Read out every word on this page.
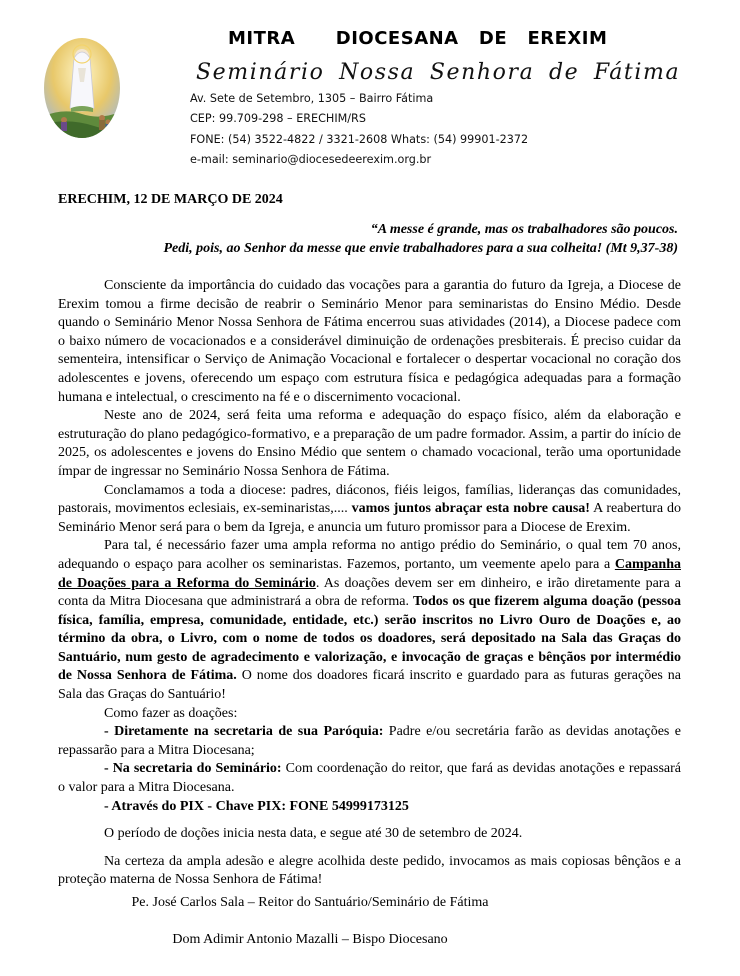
MITRA      DIOCESANA   DE   EREXIM
Seminário Nossa Senhora de Fátima
Av. Sete de Setembro, 1305 – Bairro Fátima
CEP: 99.709-298 – ERECHIM/RS
FONE: (54) 3522-4822 / 3321-2608 Whats: (54) 99901-2372
e-mail: seminario@diocesedeerexim.org.br
ERECHIM, 12 DE MARÇO DE 2024
“A messe é grande, mas os trabalhadores são poucos.
Pedi, pois, ao Senhor da messe que envie trabalhadores para a sua colheita! (Mt 9,37-38)

Consciente da importância do cuidado das vocações para a garantia do futuro da Igreja, a Diocese de Erexim tomou a firme decisão de reabrir o Seminário Menor para seminaristas do Ensino Médio. Desde quando o Seminário Menor Nossa Senhora de Fátima encerrou suas atividades (2014), a Diocese padece com o baixo número de vocacionados e a considerável diminuição de ordenações presbiterais. É preciso cuidar da sementeira, intensificar o Serviço de Animação Vocacional e fortalecer o despertar vocacional no coração dos adolescentes e jovens, oferecendo um espaço com estrutura física e pedagógica adequadas para a formação humana e intelectual, o crescimento na fé e o discernimento vocacional.

Neste ano de 2024, será feita uma reforma e adequação do espaço físico, além da elaboração e estruturação do plano pedagógico-formativo, e a preparação de um padre formador. Assim, a partir do início de 2025, os adolescentes e jovens do Ensino Médio que sentem o chamado vocacional, terão uma oportunidade ímpar de ingressar no Seminário Nossa Senhora de Fátima.

Conclamamos a toda a diocese: padres, diáconos, fiéis leigos, famílias, lideranças das comunidades, pastorais, movimentos eclesiais, ex-seminaristas,.... vamos juntos abraçar esta nobre causa! A reabertura do Seminário Menor será para o bem da Igreja, e anuncia um futuro promissor para a Diocese de Erexim.

Para tal, é necessário fazer uma ampla reforma no antigo prédio do Seminário, o qual tem 70 anos, adequando o espaço para acolher os seminaristas. Fazemos, portanto, um veemente apelo para a Campanha de Doações para a Reforma do Seminário. As doações devem ser em dinheiro, e irão diretamente para a conta da Mitra Diocesana que administrará a obra de reforma. Todos os que fizerem alguma doação (pessoa física, família, empresa, comunidade, entidade, etc.) serão inscritos no Livro Ouro de Doações e, ao término da obra, o Livro, com o nome de todos os doadores, será depositado na Sala das Graças do Santuário, num gesto de agradecimento e valorização, e invocação de graças e bênçãos por intermédio de Nossa Senhora de Fátima. O nome dos doadores ficará inscrito e guardado para as futuras gerações na Sala das Graças do Santuário!

Como fazer as doações:

- Diretamente na secretaria de sua Paróquia: Padre e/ou secretária farão as devidas anotações e repassarão para a Mitra Diocesana;

- Na secretaria do Seminário: Com coordenação do reitor, que fará as devidas anotações e repassará o valor para a Mitra Diocesana.

- Através do PIX - Chave PIX: FONE 54999173125

O período de doções inicia nesta data, e segue até 30 de setembro de 2024.

Na certeza da ampla adesão e alegre acolhida deste pedido, invocamos as mais copiosas bênçãos e a proteção materna de Nossa Senhora de Fátima!

Pe. José Carlos Sala – Reitor do Santuário/Seminário de Fátima
Dom Adimir Antonio Mazalli – Bispo Diocesano
